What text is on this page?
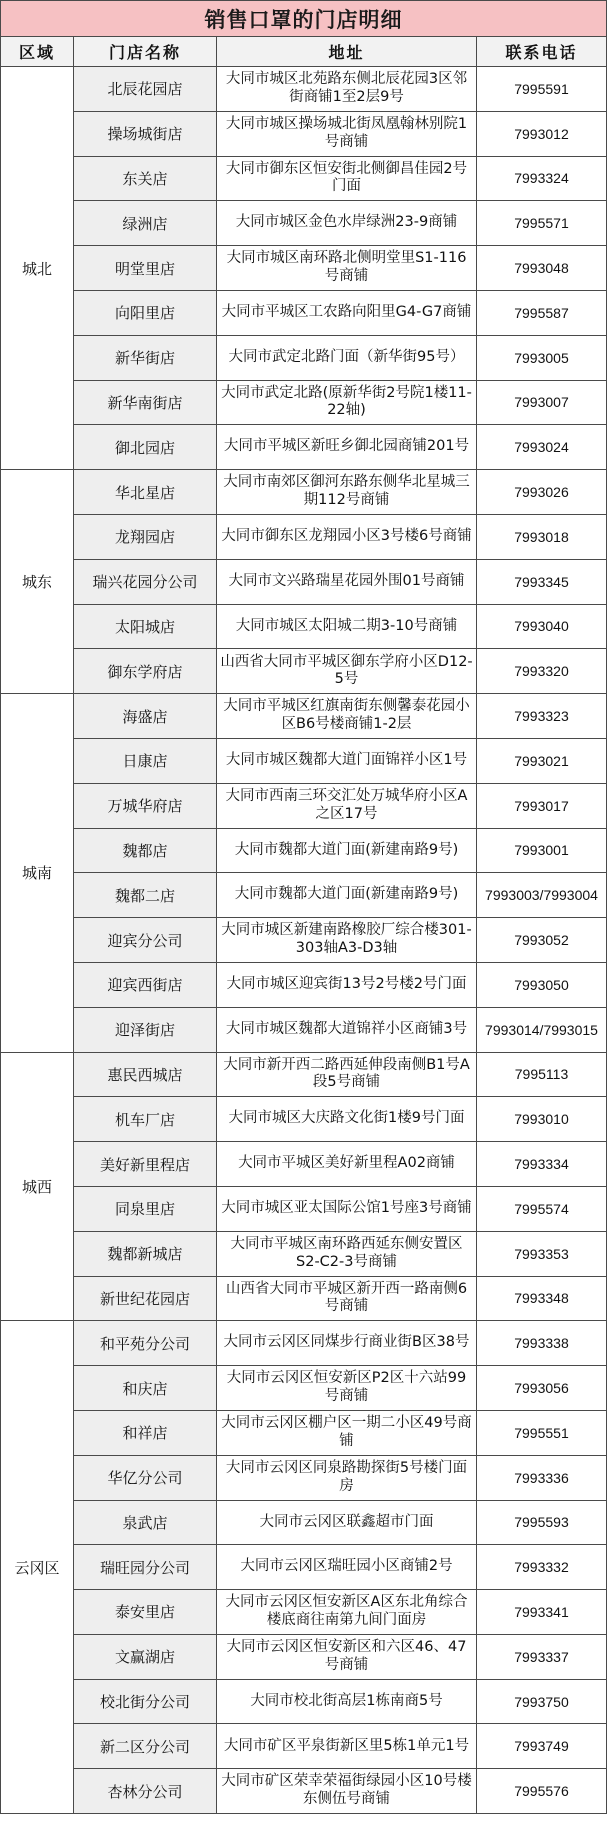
销售口罩的门店明细			
区域	门店名称	地址	联系电话
城北	北辰花园店	大同市城区北苑路东侧北辰花园3区邻街商铺1至2层9号	7995591
	操场城街店	大同市城区操场城北街凤凰翰林别院1号商铺	7993012
	东关店	大同市御东区恒安街北侧御昌佳园2号门面	7993324
	绿洲店	大同市城区金色水岸绿洲23-9商铺	7995571
	明堂里店	大同市城区南环路北侧明堂里S1-116号商铺	7993048
	向阳里店	大同市平城区工农路向阳里G4-G7商铺	7995587
	新华街店	大同市武定北路门面（新华街95号）	7993005
	新华南街店	大同市武定北路(原新华街2号院1楼11-22轴)	7993007
	御北园店	大同市平城区新旺乡御北园商铺201号	7993024
城东	华北星店	大同市南郊区御河东路东侧华北星城三期112号商铺	7993026
	龙翔园店	大同市御东区龙翔园小区3号楼6号商铺	7993018
	瑞兴花园分公司	大同市文兴路瑞星花园外围01号商铺	7993345
	太阳城店	大同市城区太阳城二期3-10号商铺	7993040
	御东学府店	山西省大同市平城区御东学府小区D12-5号	7993320
城南	海盛店	大同市平城区红旗南街东侧馨泰花园小区B6号楼商铺1-2层	7993323
	日康店	大同市城区魏都大道门面锦祥小区1号	7993021
	万城华府店	大同市西南三环交汇处万城华府小区A之区17号	7993017
	魏都店	大同市魏都大道门面(新建南路9号)	7993001
	魏都二店	大同市魏都大道门面(新建南路9号)	7993003/7993004
	迎宾分公司	大同市城区新建南路橡胶厂综合楼301-303轴A3-D3轴	7993052
	迎宾西街店	大同市城区迎宾街13号2号楼2号门面	7993050
	迎泽街店	大同市城区魏都大道锦祥小区商铺3号	7993014/7993015
城西	惠民西城店	大同市新开西二路西延伸段南侧B1号A段5号商铺	7995113
	机车厂店	大同市城区大庆路文化街1楼9号门面	7993010
	美好新里程店	大同市平城区美好新里程A02商铺	7993334
	同泉里店	大同市城区亚太国际公馆1号座3号商铺	7995574
	魏都新城店	大同市平城区南环路西延东侧安置区S2-C2-3号商铺	7993353
	新世纪花园店	山西省大同市平城区新开西一路南侧6号商铺	7993348
云冈区	和平苑分公司	大同市云冈区同煤步行商业街B区38号	7993338
	和庆店	大同市云冈区恒安新区P2区十六站99号商铺	7993056
	和祥店	大同市云冈区棚户区一期二小区49号商铺	7995551
	华亿分公司	大同市云冈区同泉路勘探街5号楼门面房	7993336
	泉武店	大同市云冈区联鑫超市门面	7995593
	瑞旺园分公司	大同市云冈区瑞旺园小区商铺2号	7993332
	泰安里店	大同市云冈区恒安新区A区东北角综合楼底商往南第九间门面房	7993341
	文赢湖店	大同市云冈区恒安新区和六区46、47号商铺	7993337
	校北街分公司	大同市校北街高层1栋南商5号	7993750
	新二区分公司	大同市矿区平泉街新区里5栋1单元1号	7993749
	杏林分公司	大同市矿区荣幸荣福街绿园小区10号楼东侧伍号商铺	7995576
